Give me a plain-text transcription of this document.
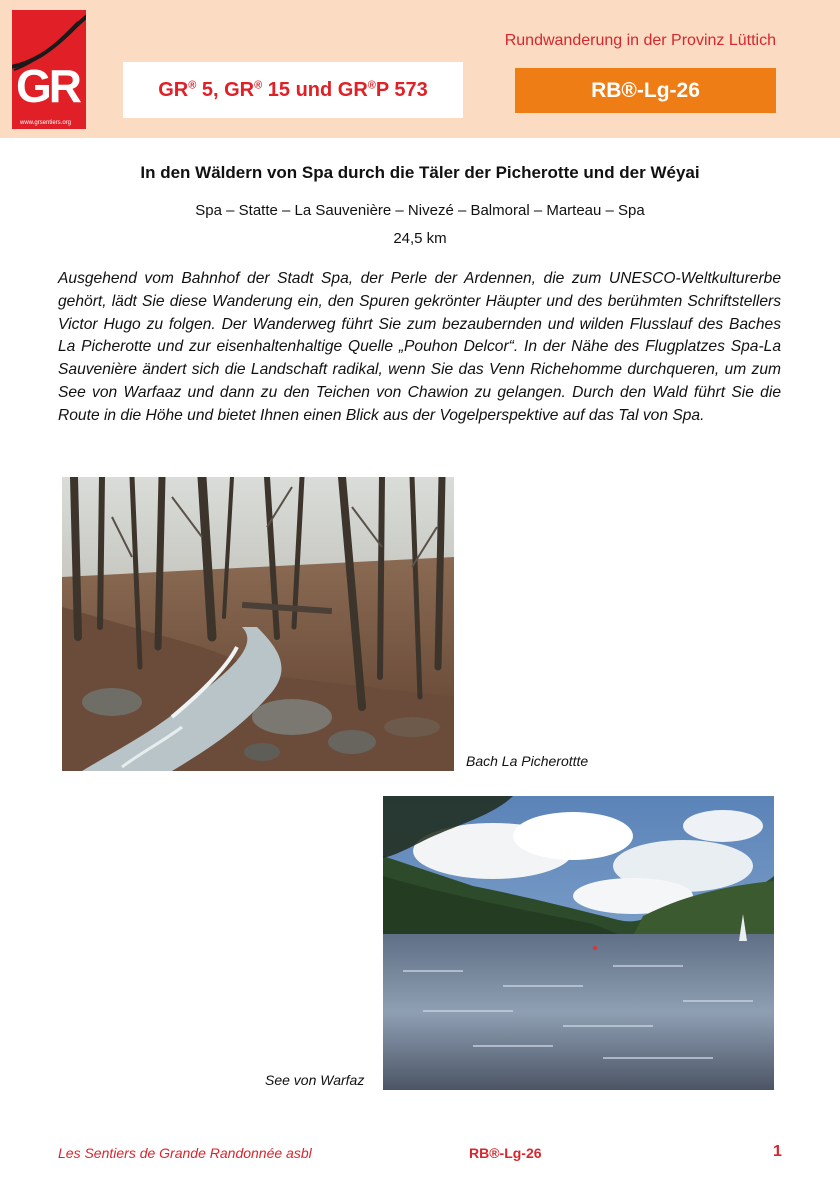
GR
www.grsentiers.org
GR® 5, GR® 15 und GR®P 573
Rundwanderung in der Provinz Lüttich
RB®-Lg-26
In den Wäldern von Spa durch die Täler der Picherotte und der Wéyai
Spa – Statte – La Sauvenière – Nivezé – Balmoral – Marteau – Spa
24,5 km
Ausgehend vom Bahnhof der Stadt Spa, der Perle der Ardennen, die zum UNESCO-Weltkulturerbe gehört, lädt Sie diese Wanderung ein, den Spuren gekrönter Häupter und des berühmten Schriftstellers Victor Hugo zu folgen. Der Wanderweg führt Sie zum bezaubernden und wilden Flusslauf des Baches La Picherotte und zur eisenhaltenhaltige Quelle „Pouhon Delcor“. In der Nähe des Flugplatzes Spa-La Sauvenière ändert sich die Landschaft radikal, wenn Sie das Venn Richehomme durchqueren, um zum See von Warfaaz und dann zu den Teichen von Chawion zu gelangen. Durch den Wald führt Sie die Route in die Höhe und bietet Ihnen einen Blick aus der Vogelperspektive auf das Tal von Spa.
Bach La Picherottte
See von Warfaz
Les Sentiers de Grande Randonnée asbl	RB®-Lg-26	1
